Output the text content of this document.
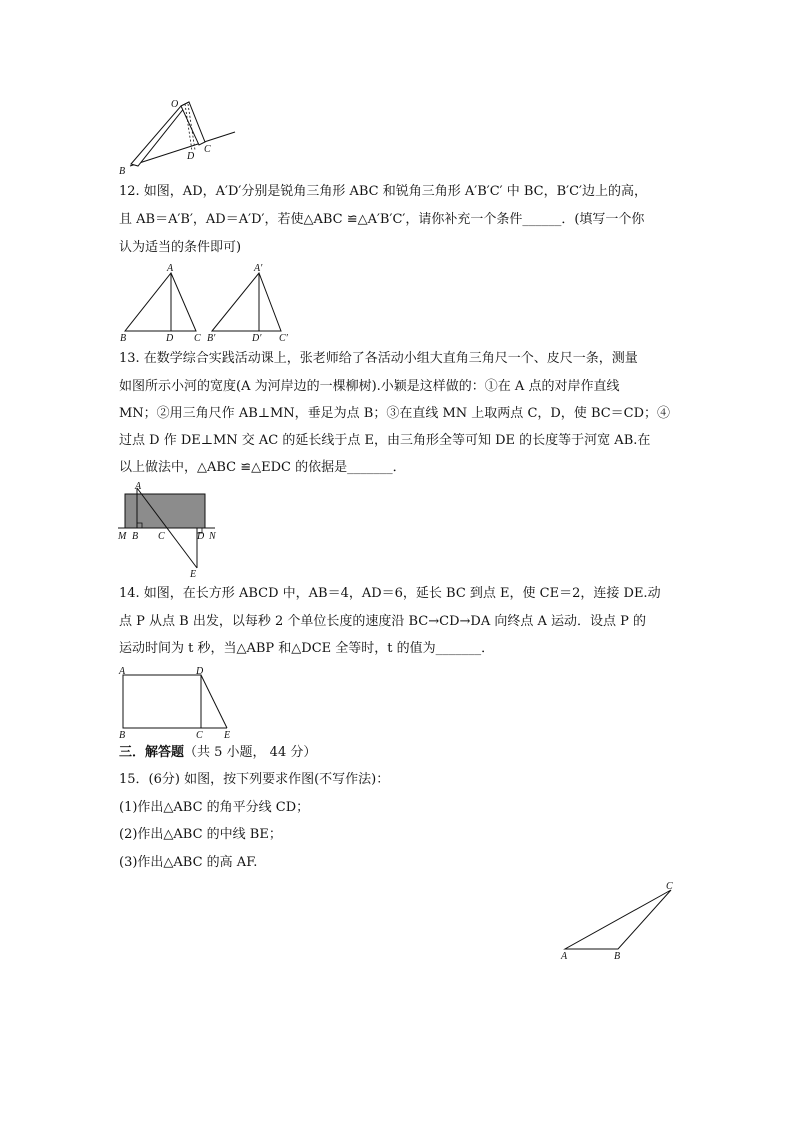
O
B
D
C
12. 如图，AD，A′D′分别是锐角三角形 ABC 和锐角三角形 A′B′C′ 中 BC，B′C′边上的高，
且 AB＝A′B′，AD＝A′D′，若使△ABC ≌△A′B′C′，请你补充一个条件______．(填写一个你
认为适当的条件即可)
A
B	D C
A′
B′	D′ C′
13. 在数学综合实践活动课上，张老师给了各活动小组大直角三角尺一个、皮尺一条，测量
如图所示小河的宽度(A 为河岸边的一棵柳树).小颖是这样做的：①在 A 点的对岸作直线
MN；②用三角尺作 AB⊥MN，垂足为点 B；③在直线 MN 上取两点 C，D，使 BC＝CD；④
过点 D 作 DE⊥MN 交 AC 的延长线于点 E，由三角形全等可知 DE 的长度等于河宽 AB.在
以上做法中，△ABC ≌△EDC 的依据是_______．
A
M B C	D N
E
14. 如图，在长方形 ABCD 中，AB＝4，AD＝6，延长 BC 到点 E，使 CE＝2，连接 DE.动
点 P 从点 B 出发，以每秒 2 个单位长度的速度沿 BC→CD→DA 向终点 A 运动．设点 P 的
运动时间为 t 秒，当△ABP 和△DCE 全等时，t 的值为_______．
A	D
B	C E
三．解答题（共 5 小题， 44 分）
15．(6分) 如图，按下列要求作图(不写作法)：
(1)作出△ABC 的角平分线 CD；
(2)作出△ABC 的中线 BE；
(3)作出△ABC 的高 AF.
C
A	B
